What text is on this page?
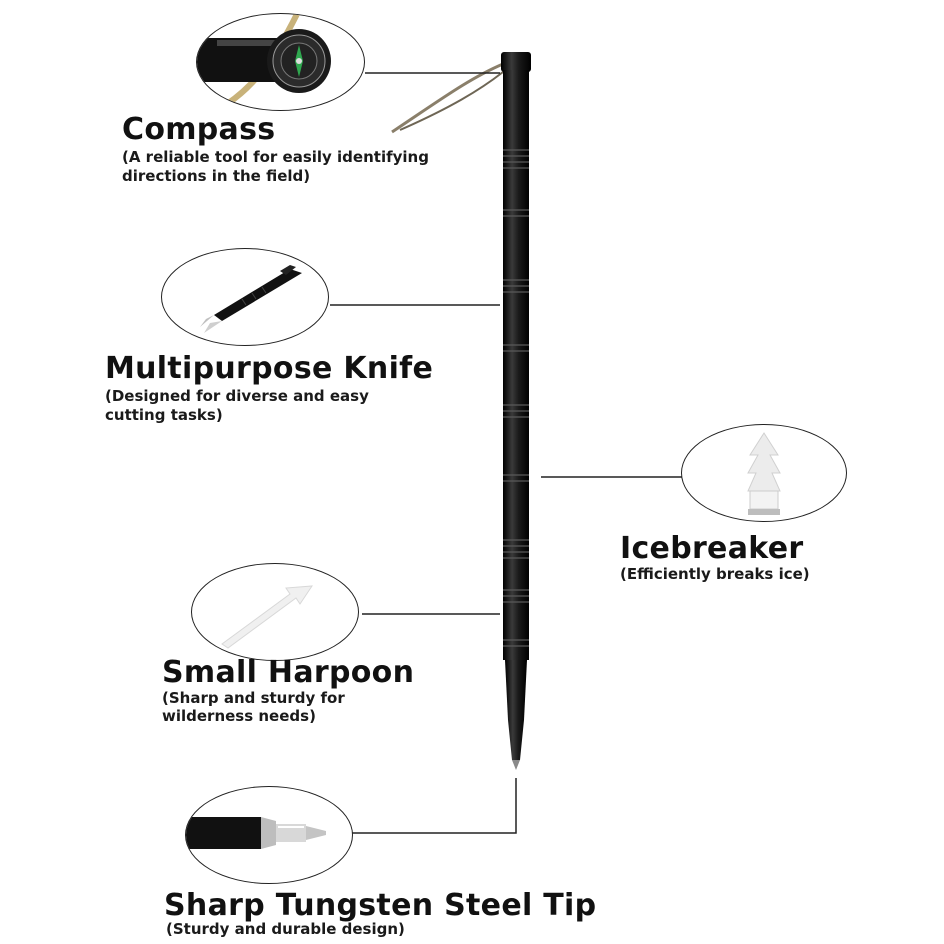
Compass
(A reliable tool for easily identifying
directions in the field)
Multipurpose Knife
(Designed for diverse and easy
cutting tasks)
Icebreaker
(Efficiently breaks ice)
Small Harpoon
(Sharp and sturdy for
wilderness needs)
Sharp Tungsten Steel Tip
(Sturdy and durable design)
